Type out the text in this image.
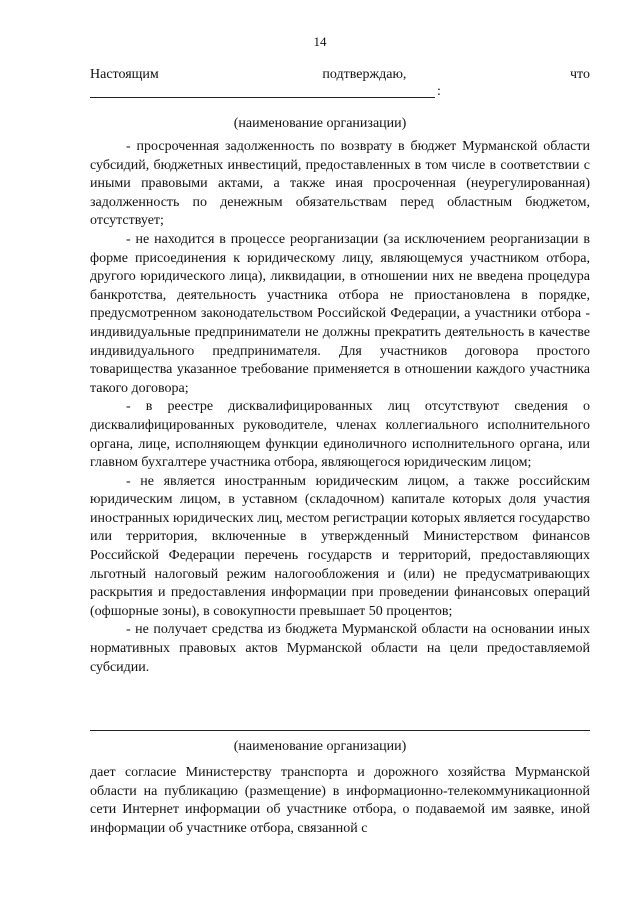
14
Настоящим	подтверждаю,	что
:
(наименование организации)

- просроченная задолженность по возврату в бюджет Мурманской области субсидий, бюджетных инвестиций, предоставленных в том числе в соответствии с иными правовыми актами, а также иная просроченная (неурегулированная) задолженность по денежным обязательствам перед областным бюджетом, отсутствует;

- не находится в процессе реорганизации (за исключением реорганизации в форме присоединения к юридическому лицу, являющемуся участником отбора, другого юридического лица), ликвидации, в отношении них не введена процедура банкротства, деятельность участника отбора не приостановлена в порядке, предусмотренном законодательством Российской Федерации, а участники отбора - индивидуальные предприниматели не должны прекратить деятельность в качестве индивидуального предпринимателя. Для участников договора простого товарищества указанное требование применяется в отношении каждого участника такого договора;

- в реестре дисквалифицированных лиц отсутствуют сведения о дисквалифицированных руководителе, членах коллегиального исполнительного органа, лице, исполняющем функции единоличного исполнительного органа, или главном бухгалтере участника отбора, являющегося юридическим лицом;

- не является иностранным юридическим лицом, а также российским юридическим лицом, в уставном (складочном) капитале которых доля участия иностранных юридических лиц, местом регистрации которых является государство или территория, включенные в утвержденный Министерством финансов Российской Федерации перечень государств и территорий, предоставляющих льготный налоговый режим налогообложения и (или) не предусматривающих раскрытия и предоставления информации при проведении финансовых операций (офшорные зоны), в совокупности превышает 50 процентов;

- не получает средства из бюджета Мурманской области на основании иных нормативных правовых актов Мурманской области на цели предоставляемой субсидии.

(наименование организации)

дает согласие Министерству транспорта и дорожного хозяйства Мурманской области на публикацию (размещение) в информационно-телекоммуникационной сети Интернет информации об участнике отбора, о подаваемой им заявке, иной информации об участнике отбора, связанной с
